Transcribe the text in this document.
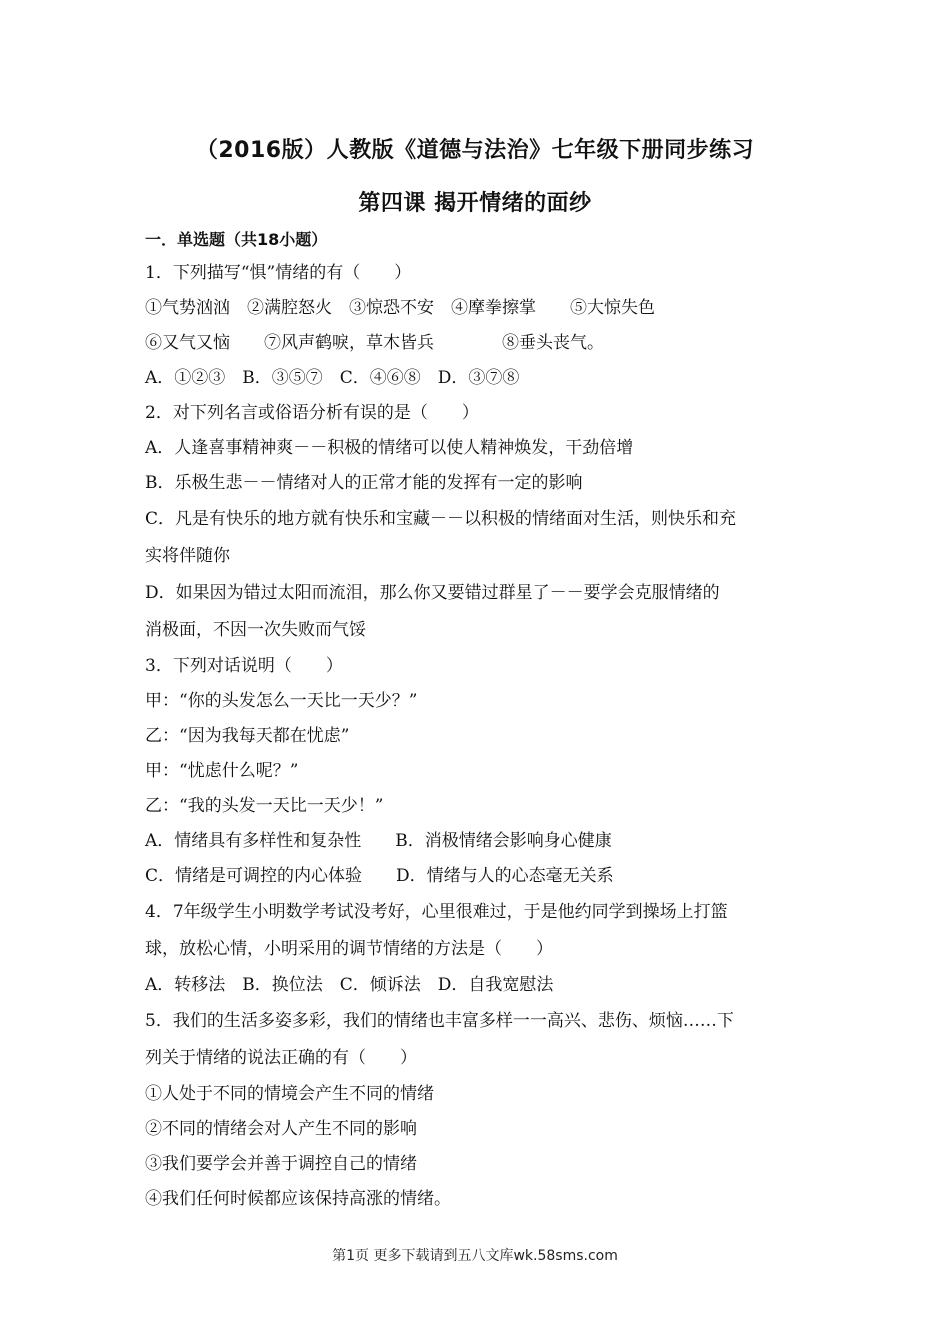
（2016版）人教版《道德与法治》七年级下册同步练习
第四课 揭开情绪的面纱
一．单选题（共18小题）
1．下列描写“惧”情绪的有（　　）
①气势汹汹　②满腔怒火　③惊恐不安　④摩拳擦掌　　⑤大惊失色
⑥又气又恼　　⑦风声鹤唳，草木皆兵　　　　⑧垂头丧气。
A．①②③　B．③⑤⑦　C．④⑥⑧　D．③⑦⑧
2．对下列名言或俗语分析有误的是（　　）
A．人逢喜事精神爽－－积极的情绪可以使人精神焕发，干劲倍增
B．乐极生悲－－情绪对人的正常才能的发挥有一定的影响
C．凡是有快乐的地方就有快乐和宝藏－－以积极的情绪面对生活，则快乐和充
实将伴随你
D．如果因为错过太阳而流泪，那么你又要错过群星了－－要学会克服情绪的
消极面，不因一次失败而气馁
3．下列对话说明（　　）
甲：“你的头发怎么一天比一天少？”
乙：“因为我每天都在忧虑”
甲：“忧虑什么呢？”
乙：“我的头发一天比一天少！”
A．情绪具有多样性和复杂性　　B．消极情绪会影响身心健康
C．情绪是可调控的内心体验　　D．情绪与人的心态毫无关系
4．7年级学生小明数学考试没考好，心里很难过，于是他约同学到操场上打篮
球，放松心情，小明采用的调节情绪的方法是（　　）
A．转移法　B．换位法　C．倾诉法　D．自我宽慰法
5．我们的生活多姿多彩，我们的情绪也丰富多样一一高兴、悲伤、烦恼……下
列关于情绪的说法正确的有（　　）
①人处于不同的情境会产生不同的情绪
②不同的情绪会对人产生不同的影响
③我们要学会并善于调控自己的情绪
④我们任何时候都应该保持高涨的情绪。
第1页 更多下载请到五八文库wk.58sms.com
